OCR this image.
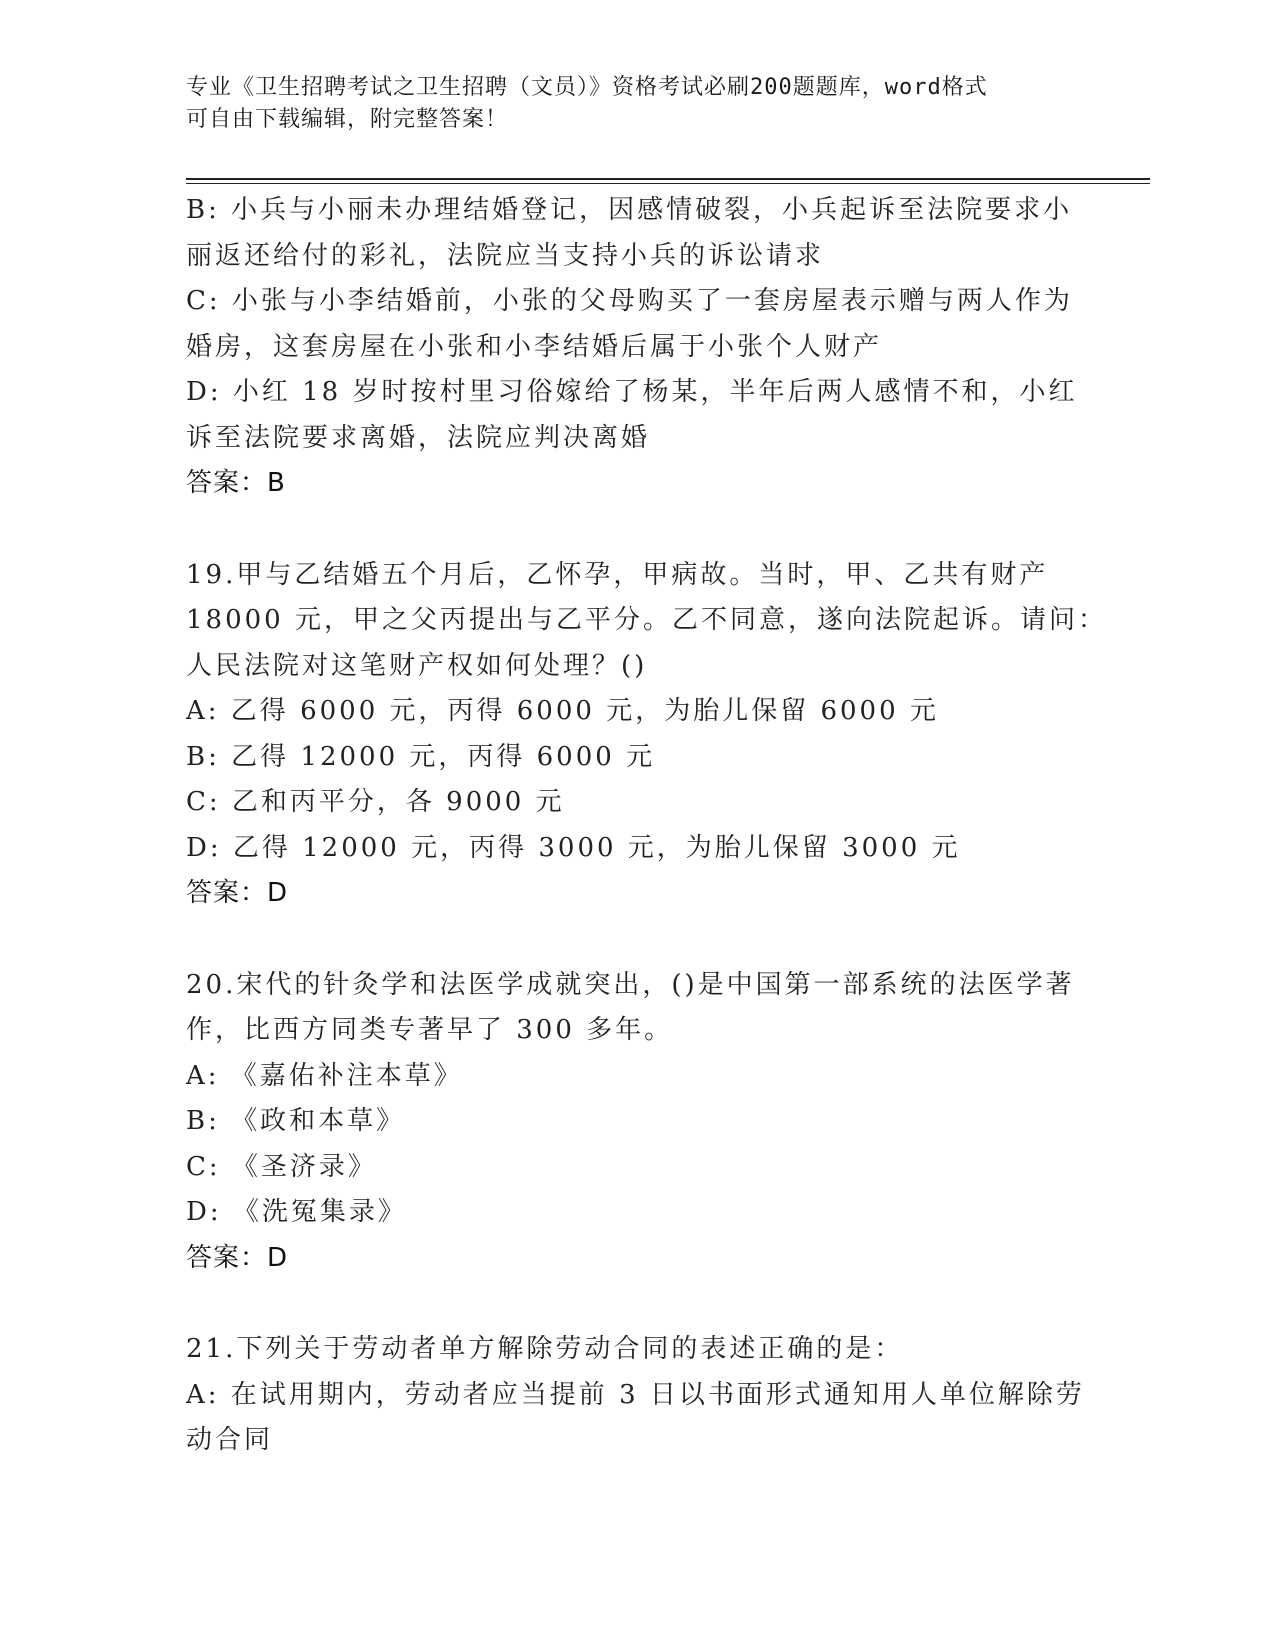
专业《卫生招聘考试之卫生招聘（文员）》资格考试必刷200题题库，word格式
可自由下载编辑，附完整答案！
B: 小兵与小丽未办理结婚登记，因感情破裂，小兵起诉至法院要求小
丽返还给付的彩礼，法院应当支持小兵的诉讼请求
C: 小张与小李结婚前，小张的父母购买了一套房屋表示赠与两人作为
婚房，这套房屋在小张和小李结婚后属于小张个人财产
D: 小红 18 岁时按村里习俗嫁给了杨某，半年后两人感情不和，小红
诉至法院要求离婚，法院应判决离婚
答案：B
19.甲与乙结婚五个月后，乙怀孕，甲病故。当时，甲、乙共有财产
18000 元，甲之父丙提出与乙平分。乙不同意，遂向法院起诉。请问：
人民法院对这笔财产权如何处理？()
A: 乙得 6000 元，丙得 6000 元，为胎儿保留 6000 元
B: 乙得 12000 元，丙得 6000 元
C: 乙和丙平分，各 9000 元
D: 乙得 12000 元，丙得 3000 元，为胎儿保留 3000 元
答案：D
20.宋代的针灸学和法医学成就突出，()是中国第一部系统的法医学著
作，比西方同类专著早了 300 多年。
A: 《嘉佑补注本草》
B: 《政和本草》
C: 《圣济录》
D: 《洗冤集录》
答案：D
21.下列关于劳动者单方解除劳动合同的表述正确的是：
A: 在试用期内，劳动者应当提前 3 日以书面形式通知用人单位解除劳
动合同
